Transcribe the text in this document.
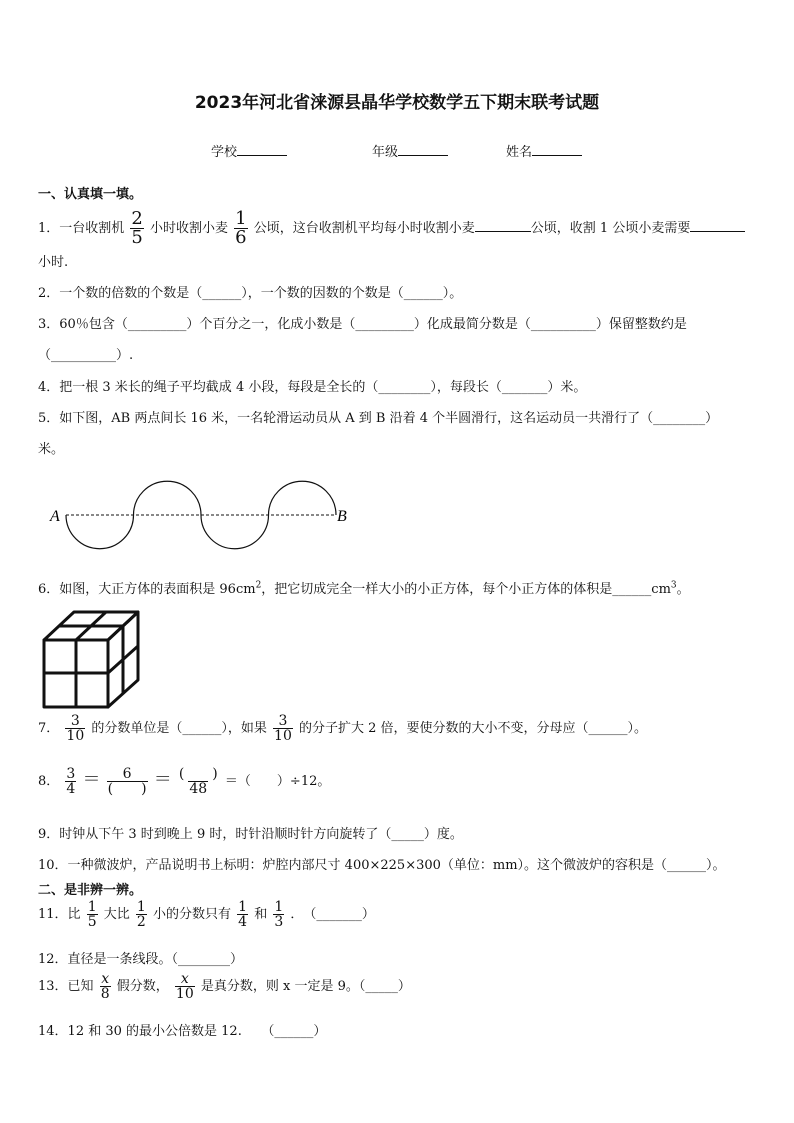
2023年河北省涞源县晶华学校数学五下期末联考试题
学校	年级	姓名
一、认真填一填。
1．一台收割机 $\frac{2}{5}$ 小时收割小麦 $\frac{1}{6}$ 公顷，这台收割机平均每小时收割小麦	公顷，收割 1 公顷小麦需要
小时.
2．一个数的倍数的个数是（______），一个数的因数的个数是（______）。
3．60％包含（_________）个百分之一，化成小数是（_________）化成最简分数是（__________）保留整数约是
（__________）.
4．把一根 3 米长的绳子平均截成 4 小段，每段是全长的（________），每段长（_______）米。
5．如下图，AB 两点间长 16 米，一名轮滑运动员从 A 到 B 沿着 4 个半圆滑行，这名运动员一共滑行了（________）
米。
A	B
6．如图，大正方体的表面积是 $96cm^2$，把它切成完全一样大小的小正方体，每个小正方体的体积是$\_\_\_\_\_\_cm^3$。
7． $\frac{3}{10}$ 的分数单位是（______），如果 $\frac{3}{10}$ 的分子扩大 2 倍，要使分数的大小不变，分母应（______）。
8． $\frac{3}{4} = \frac{6}{( )} = \frac{( )}{48}$ ＝（　　）÷12。
9．时钟从下午 3 时到晚上 9 时，时针沿顺时针方向旋转了（_____）度。
10．一种微波炉，产品说明书上标明：炉腔内部尺寸 400×225×300（单位：mm）。这个微波炉的容积是（______）。
二、是非辨一辨。
11．比 $\frac{1}{5}$ 大比 $\frac{1}{2}$ 小的分数只有 $\frac{1}{4}$ 和 $\frac{1}{3}$ ．　（_______）
12．直径是一条线段。（________）
13．已知 $\frac{x}{8}$ 假分数， $\frac{x}{10}$ 是真分数，则 x 一定是 9。（_____）
14．12 和 30 的最小公倍数是 12.　　（______）
